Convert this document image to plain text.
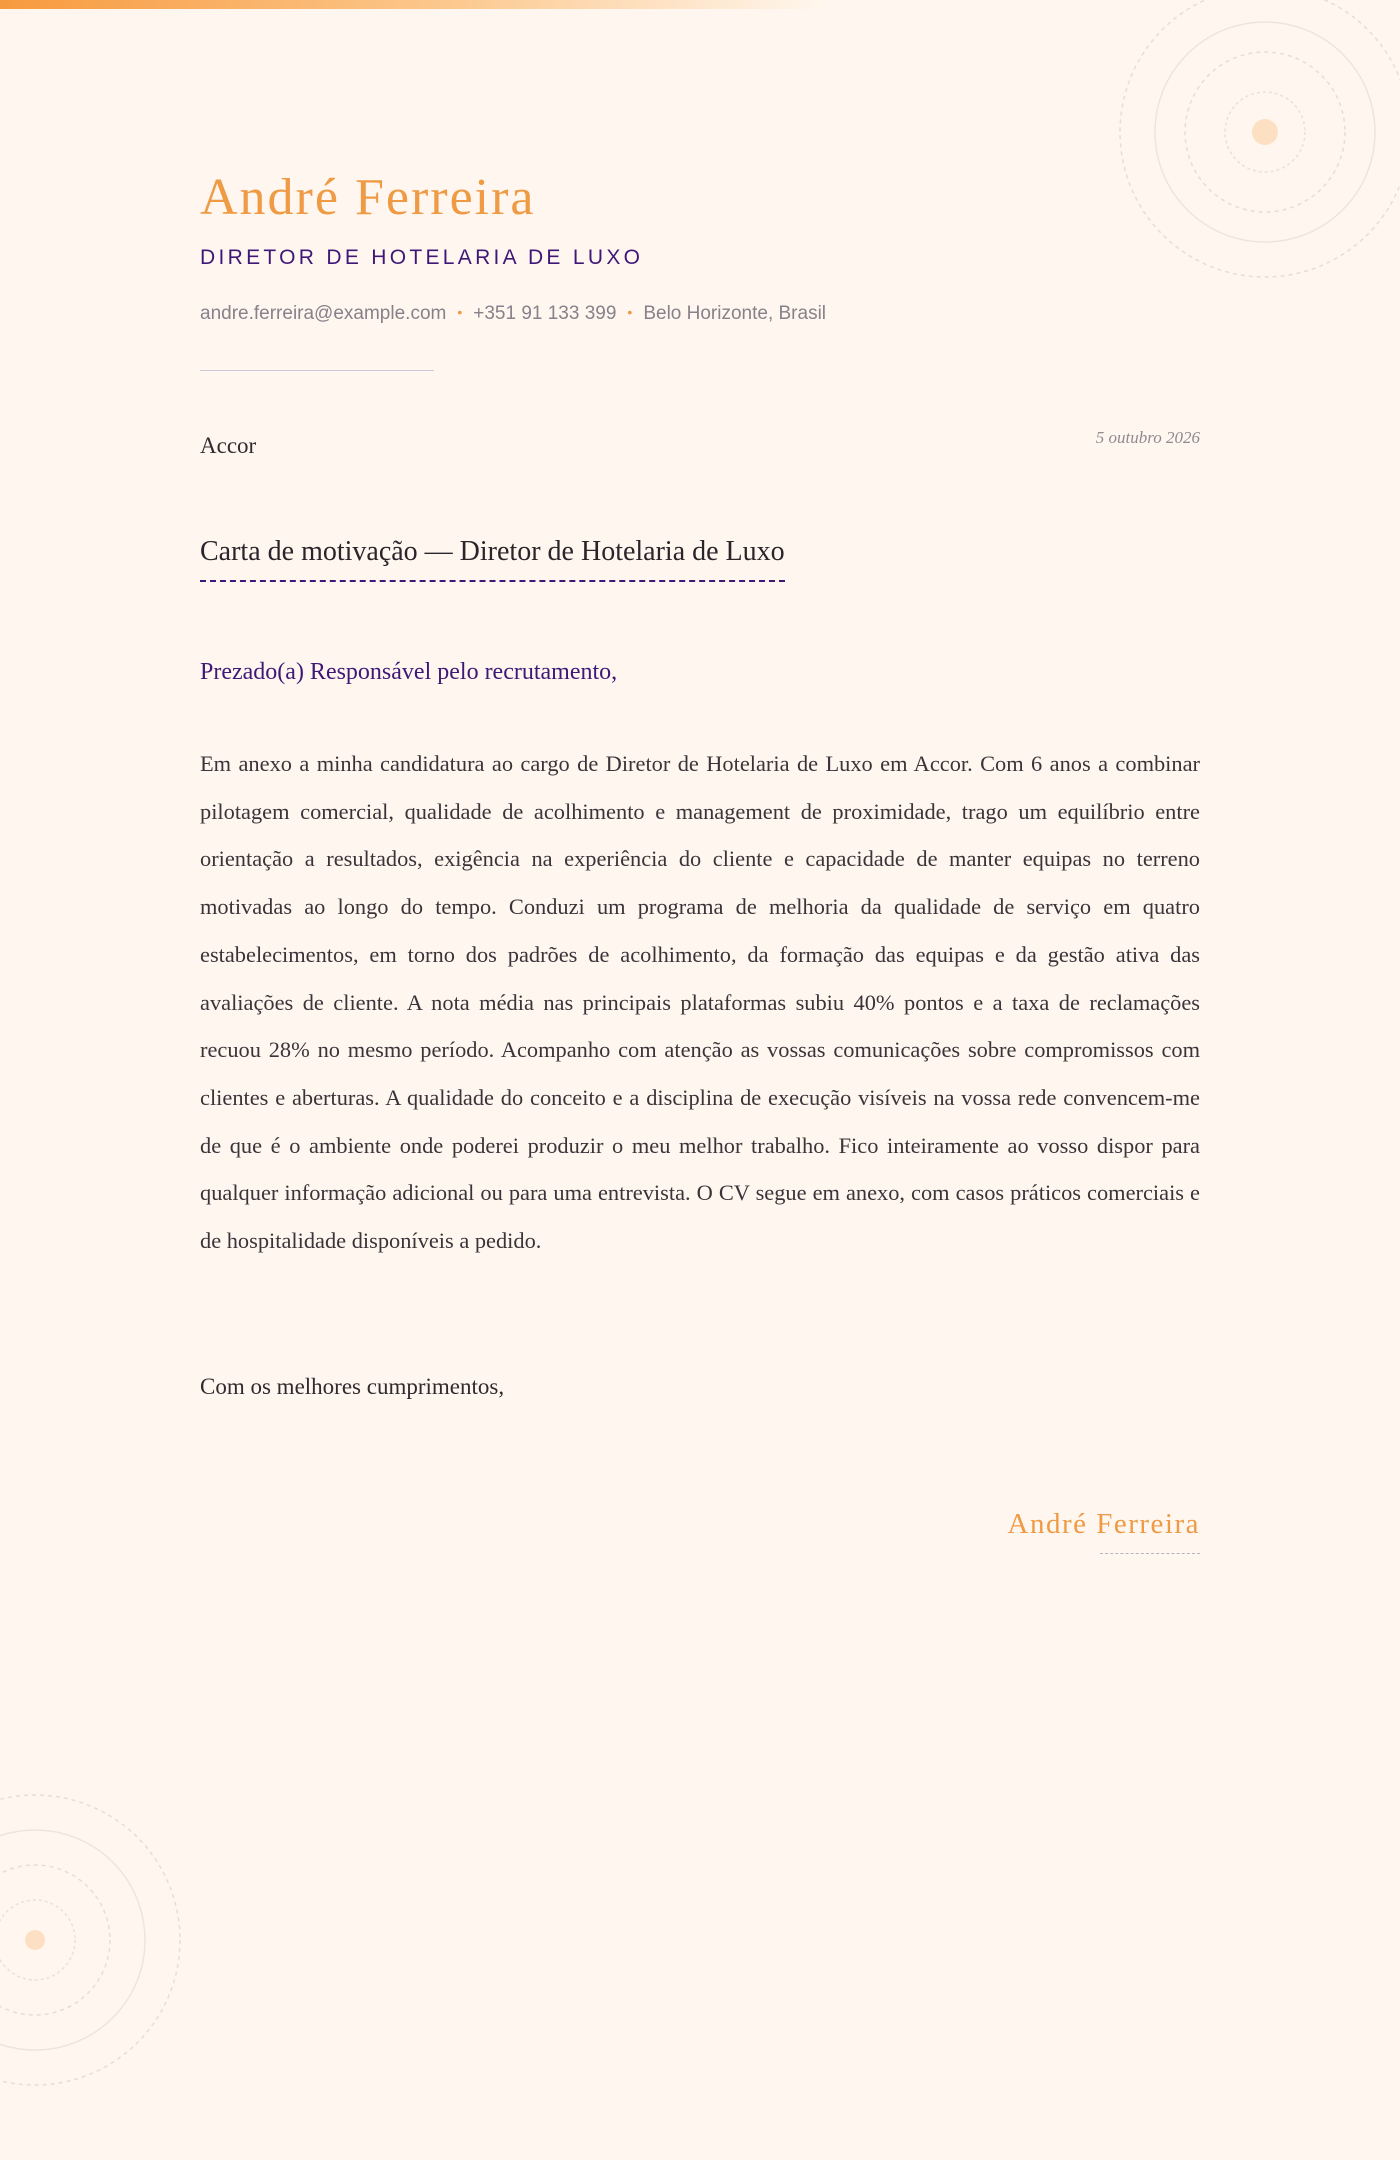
André Ferreira
DIRETOR DE HOTELARIA DE LUXO
andre.ferreira@example.com • +351 91 133 399 • Belo Horizonte, Brasil
Accor	5 outubro 2026
Carta de motivação — Diretor de Hotelaria de Luxo
Prezado(a) Responsável pelo recrutamento,

Em anexo a minha candidatura ao cargo de Diretor de Hotelaria de Luxo em Accor. Com 6 anos a combinar pilotagem comercial, qualidade de acolhimento e management de proximidade, trago um equilíbrio entre orientação a resultados, exigência na experiência do cliente e capacidade de manter equipas no terreno motivadas ao longo do tempo. Conduzi um programa de melhoria da qualidade de serviço em quatro estabelecimentos, em torno dos padrões de acolhimento, da formação das equipas e da gestão ativa das avaliações de cliente. A nota média nas principais plataformas subiu 40% pontos e a taxa de reclamações recuou 28% no mesmo período. Acompanho com atenção as vossas comunicações sobre compromissos com clientes e aberturas. A qualidade do conceito e a disciplina de execução visíveis na vossa rede convencem-me de que é o ambiente onde poderei produzir o meu melhor trabalho. Fico inteiramente ao vosso dispor para qualquer informação adicional ou para uma entrevista. O CV segue em anexo, com casos práticos comerciais e de hospitalidade disponíveis a pedido.

Com os melhores cumprimentos,
André Ferreira
